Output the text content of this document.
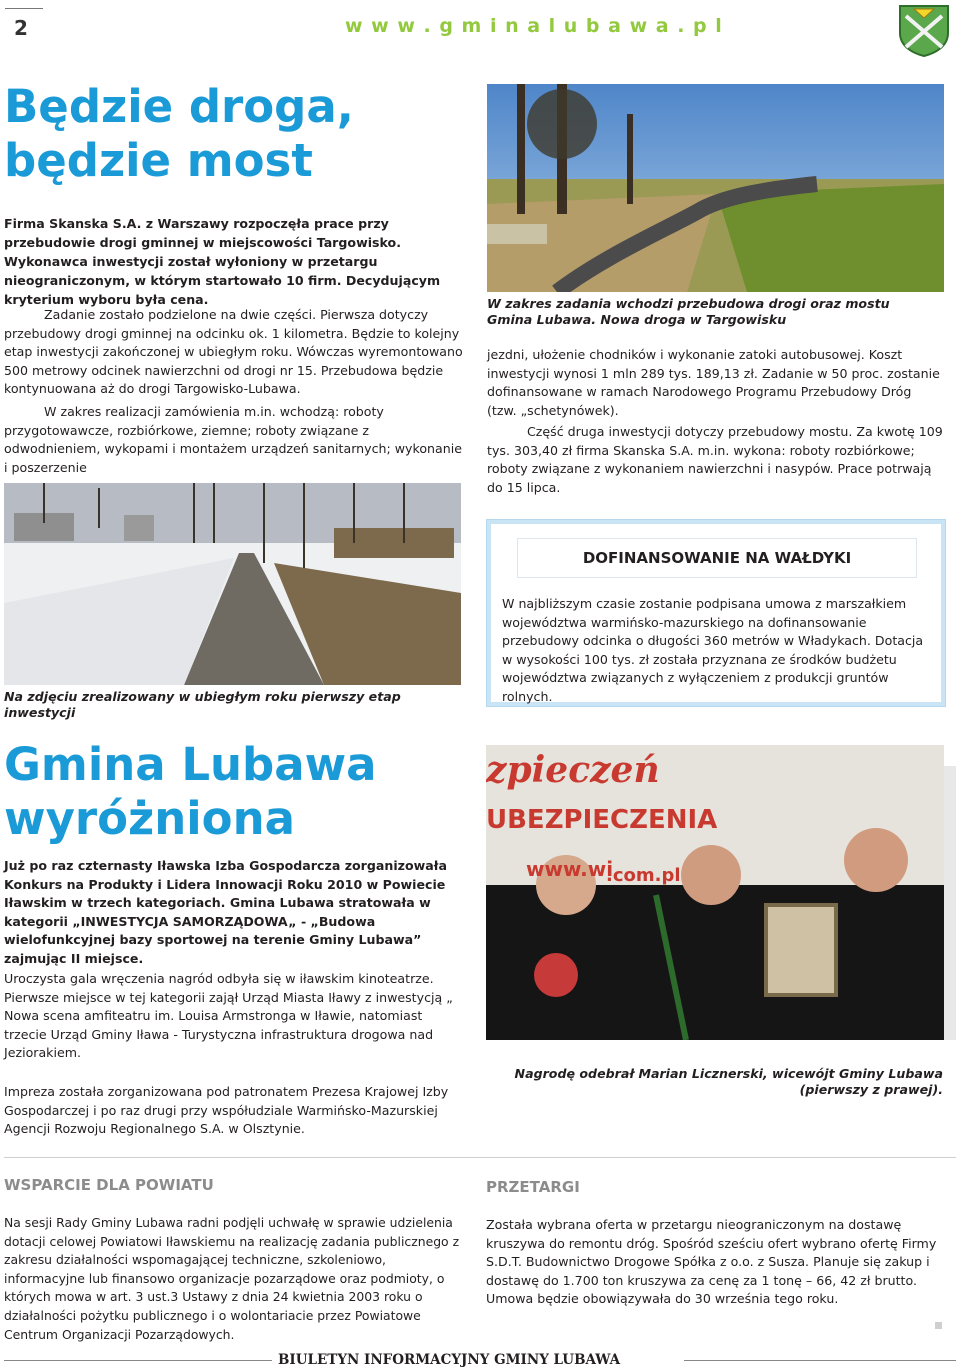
2	w w w . g m i n a l u b a w a . p l
Będzie droga,
będzie most

Firma Skanska S.A. z Warszawy rozpoczęła prace przy przebudowie drogi gminnej w miejscowości Targowisko. Wykonawca inwestycji został wyłoniony w przetargu nieograniczonym, w którym startowało 10 firm. Decydującym kryterium wyboru była cena.

Zadanie zostało podzielone na dwie części. Pierwsza dotyczy przebudowy drogi gminnej na odcinku ok. 1 kilometra. Będzie to kolejny etap inwestycji zakończonej w ubiegłym roku. Wówczas wyremontowano 500 metrowy odcinek nawierzchni od drogi nr 15. Przebudowa będzie kontynuowana aż do drogi Targowisko-Lubawa.

W zakres realizacji zamówienia m.in. wchodzą: roboty przygotowawcze, rozbiórkowe, ziemne; roboty związane z odwodnieniem, wykopami i montażem urządzeń sanitarnych; wykonanie i poszerzenie

W zakres zadania wchodzi przebudowa drogi oraz mostu Gmina Lubawa. Nowa droga w Targowisku

jezdni, ułożenie chodników i wykonanie zatoki autobusowej. Koszt inwestycji wynosi 1 mln 289 tys. 189,13 zł. Zadanie w 50 proc. zostanie dofinansowane w ramach Narodowego Programu Przebudowy Dróg (tzw. „schetynówek).

Część druga inwestycji dotyczy przebudowy mostu. Za kwotę 109 tys. 303,40 zł firma Skanska S.A. m.in. wykona: roboty rozbiórkowe; roboty związane z wykonaniem nawierzchni i nasypów. Prace potrwają do 15 lipca.

Na zdjęciu zrealizowany w ubiegłym roku pierwszy etap inwestycji

DOFINANSOWANIE NA WAŁDYKI

W najbliższym czasie zostanie podpisana umowa z marszałkiem województwa warmińsko-mazurskiego na dofinansowanie przebudowy odcinka o długości 360 metrów w Władykach. Dotacja w wysokości 100 tys. zł została przyznana ze środków budżetu województwa związanych z wyłączeniem z produkcji gruntów rolnych.

Gmina Lubawa
wyróżniona

Już po raz czternasty Iławska Izba Gospodarcza zorganizowała Konkurs na Produkty i Lidera Innowacji Roku 2010 w Powiecie Iławskim w trzech kategoriach. Gmina Lubawa stratowała w kategorii „INWESTYCJA SAMORZĄDOWA„ - „Budowa wielofunkcyjnej bazy sportowej na terenie Gminy Lubawa” zajmując II miejsce.

Uroczysta gala wręczenia nagród odbyła się w iławskim kinoteatrze. Pierwsze miejsce w tej kategorii zajął Urząd Miasta Iławy z inwestycją „ Nowa scena amfiteatru im. Louisa Armstronga w Iławie, natomiast trzecie Urząd Gminy Iława - Turystyczna infrastruktura drogowa nad Jeziorakiem.

Impreza została zorganizowana pod patronatem Prezesa Krajowej Izby Gospodarczej i po raz drugi przy współudziale Warmińsko-Mazurskiej Agencji Rozwoju Regionalnego S.A. w Olsztynie.

zpieczeń
UBEZPIECZENIA
www.wi
.com.pl
Nagrodę odebrał Marian Licznerski, wicewójt Gminy Lubawa
(pierwszy z prawej).
WSPARCIE DLA POWIATU

Na sesji Rady Gminy Lubawa radni podjęli uchwałę w sprawie udzielenia dotacji celowej Powiatowi Iławskiemu na realizację zadania publicznego z zakresu działalności wspomagającej techniczne, szkoleniowo, informacyjne lub finansowo organizacje pozarządowe oraz podmioty, o których mowa w art. 3 ust.3 Ustawy z dnia 24 kwietnia 2003 roku o działalności pożytku publicznego i o wolontariacie przez Powiatowe Centrum Organizacji Pozarządowych.

PRZETARGI

Została wybrana oferta w przetargu nieograniczonym na dostawę kruszywa do remontu dróg. Spośród sześciu ofert wybrano ofertę Firmy S.D.T. Budownictwo Drogowe Spółka z o.o. z Susza. Planuje się zakup i dostawę do 1.700 ton kruszywa za cenę za 1 tonę – 66, 42 zł brutto. Umowa będzie obowiązywała do 30 września tego roku.

BIULETYN INFORMACYJNY GMINY LUBAWA
